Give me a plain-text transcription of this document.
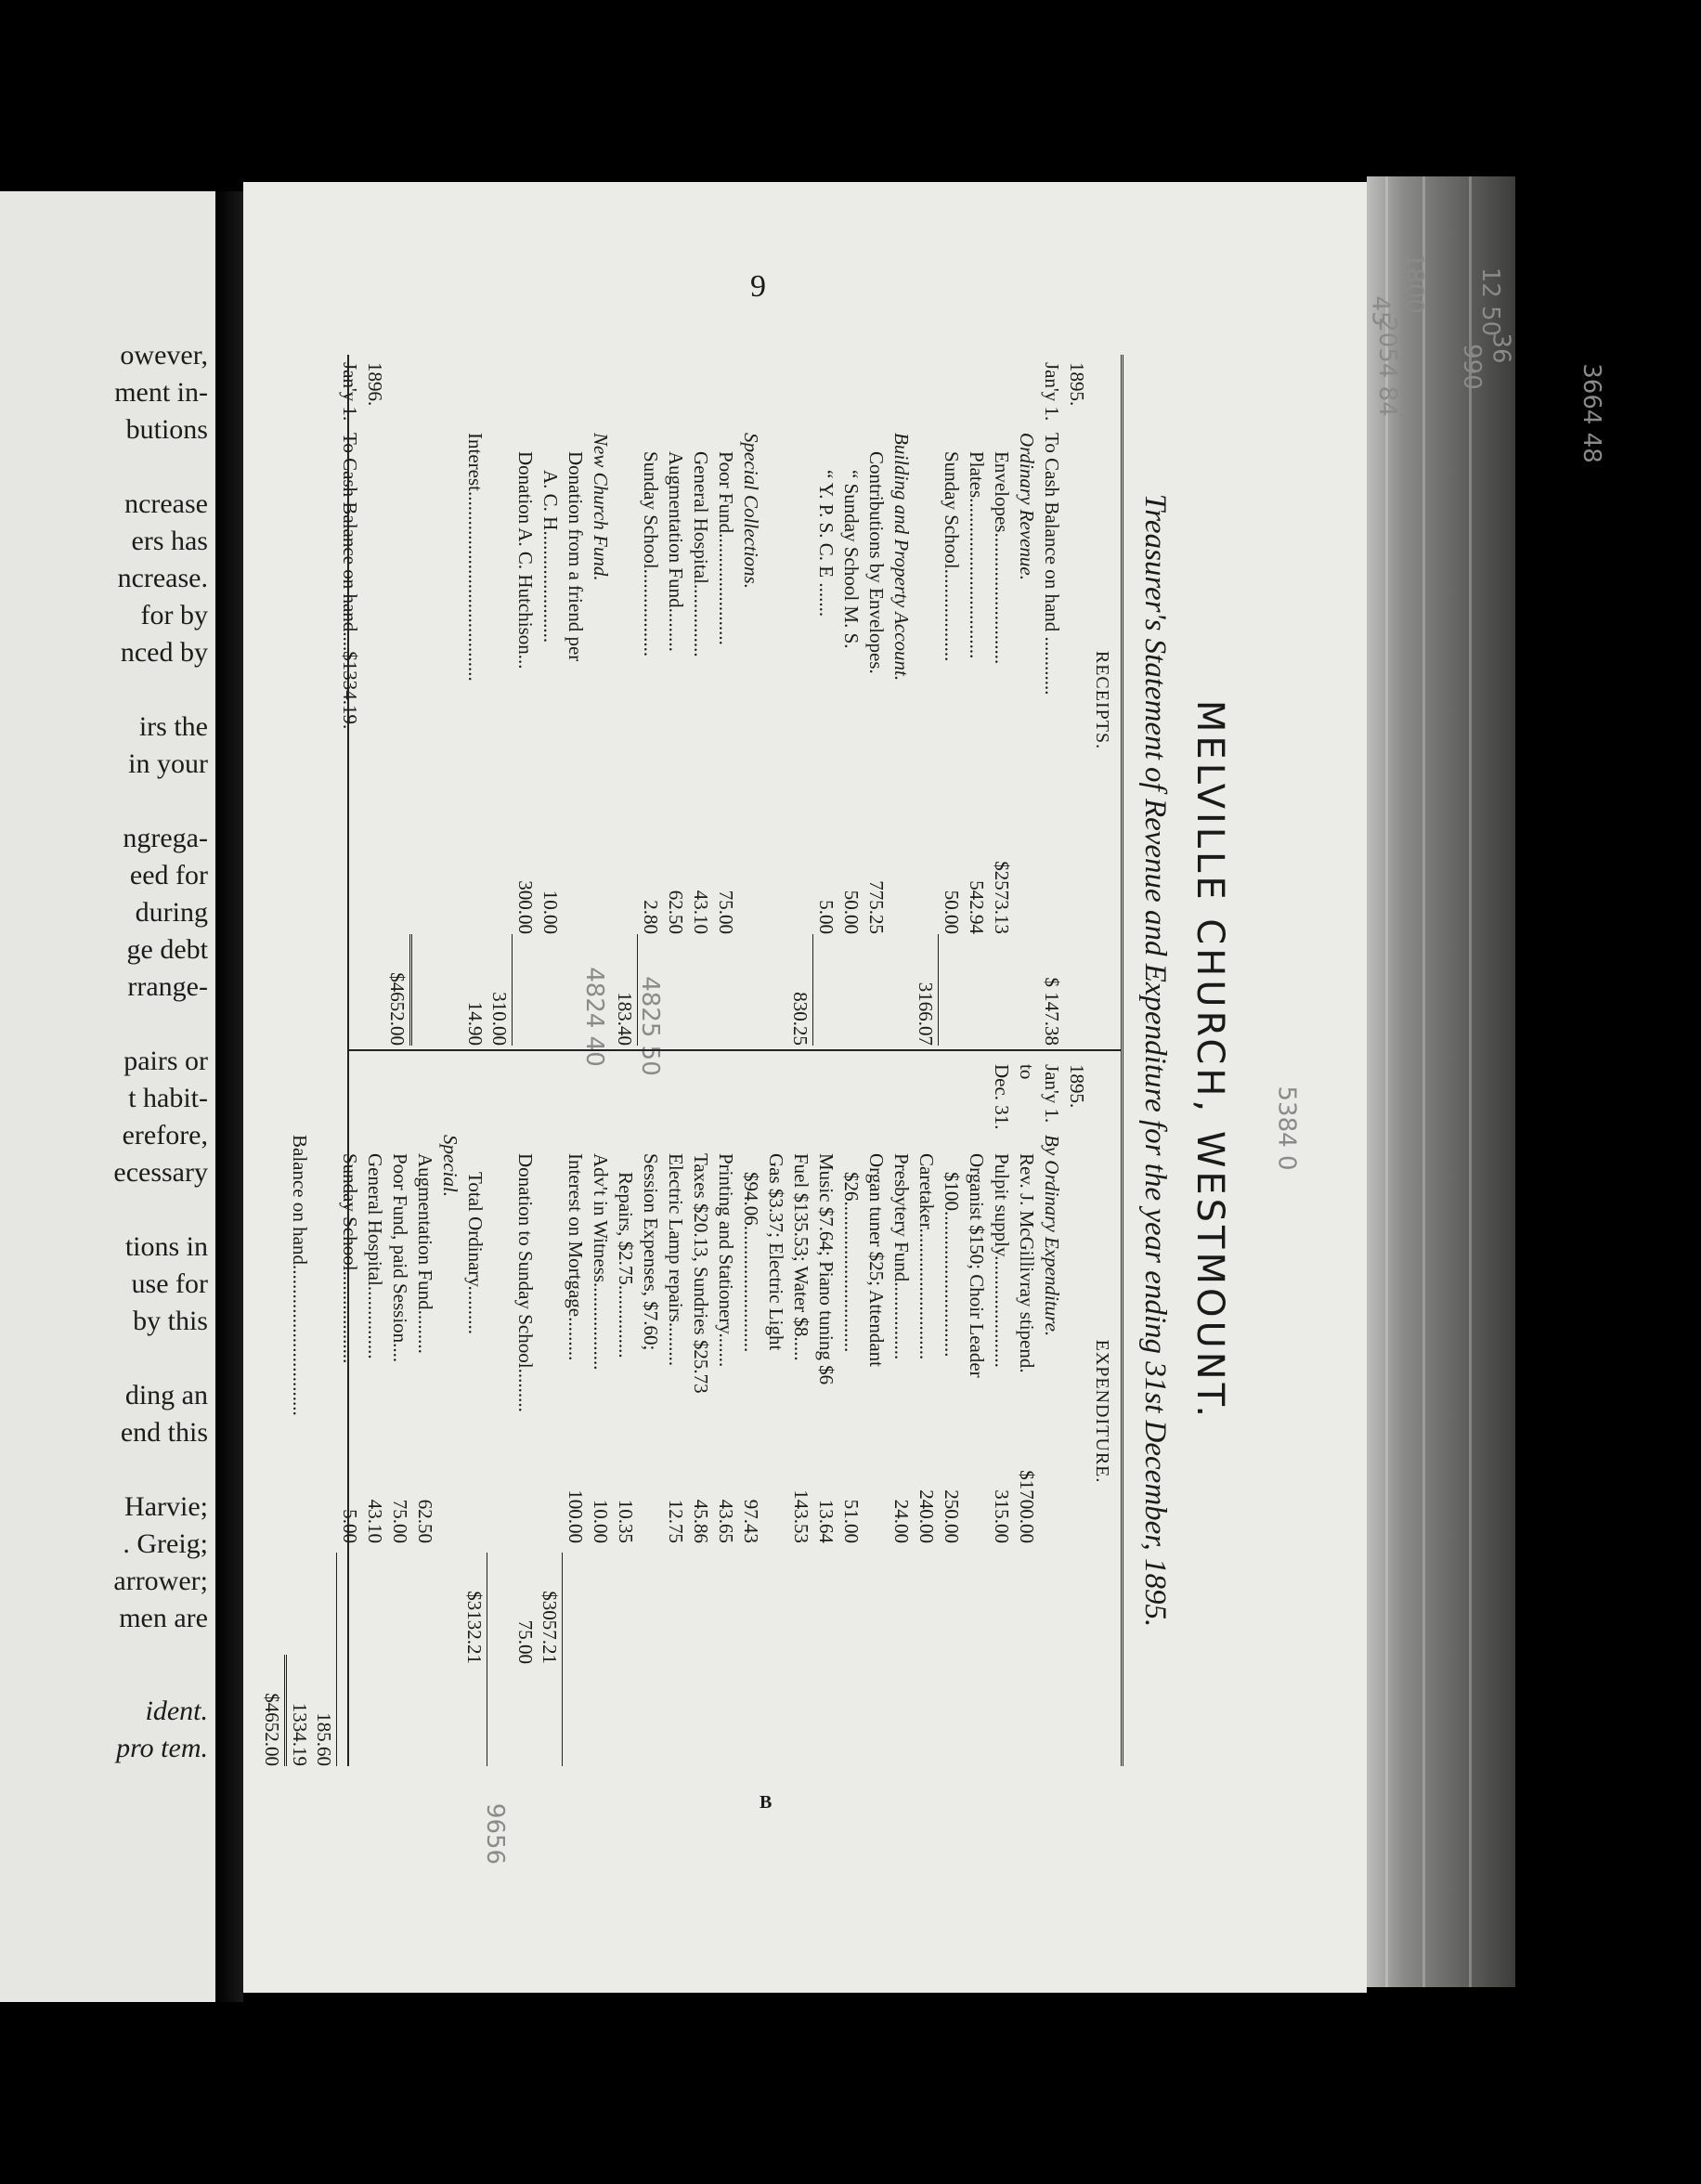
owever,
ment in-
butions
ncrease
ers has
ncrease.
for by
nced by
irs the
in your
ngrega-
eed for
during
ge debt
rrange-
pairs or
t habit-
erefore,
ecessary
tions in
use for
by this
ding an
end this
Harvie;
. Greig;
arrower;
men are
ident.
pro tem.
9
B
1800
45
2054 84
12 50
36
990	3664 48
4824 40 4825 50
5384 0
9656
MELVILLE CHURCH, WESTMOUNT.
Treasurer's Statement of Revenue and Expenditure for the year ending 31st December, 1895.
RECEIPTS.
1895.
Jan'y 1.
To Cash Balance on hand ............
$ 147.38
Ordinary Revenue.
Envelopes...........................
$2573.13
Plates.................................
542.94
Sunday School...................
50.00
3166.07
Building and Property Account.
Contributions by Envelopes.
775.25
“ Sunday School M. S.
50.00
“ Y. P. S. C. E .......
5.00
830.25
Special Collections.
Poor Fund.......................
75.00
General Hospital...............
43.10
Augmentation Fund.........
62.50
Sunday School..................
2.80
183.40
New Church Fund.
Donation from a friend per
A. C. H.......................
10.00
Donation A. C. Hutchison...
300.00
310.00
Interest.......................................
14.90
$4652.00
1896.
Jan'y 1.
To Cash Balance on hand....$1334.19.
EXPENDITURE.
1895.
Jan'y 1.
By Ordinary Expenditure.
to
Rev. J. McGillivray stipend.
$1700.00
Dec. 31.
Pulpit supply.......................
315.00
Organist $150; Choir Leader
$100..............................
250.00
Caretaker...........................
240.00
Presbytery Fund................
24.00
Organ tuner $25; Attendant
$26...............................
51.00
Music $7.64; Piano tuning $6
13.64
Fuel $135.53; Water $8.....
143.53
Gas $3.37; Electric Light
$94.06..........................
97.43
Printing and Stationery.......
43.65
Taxes $20.13, Sundries $25.73
45.86
Electric Lamp repairs.........
12.75
Session Expenses, $7.60;
Repairs, $2.75...............
10.35
Adv't in Witness..................
10.00
Interest on Mortgage.........
100.00
$3057.21
Donation to Sunday School.........
75.00
Total Ordinary..........
$3132.21
Special.
Augmentation Fund.........
62.50
Poor Fund, paid Session....
75.00
General Hospital...............
43.10
Sunday School...................
5.00
185.60
Balance on hand...............................
1334.19
$4652.00
